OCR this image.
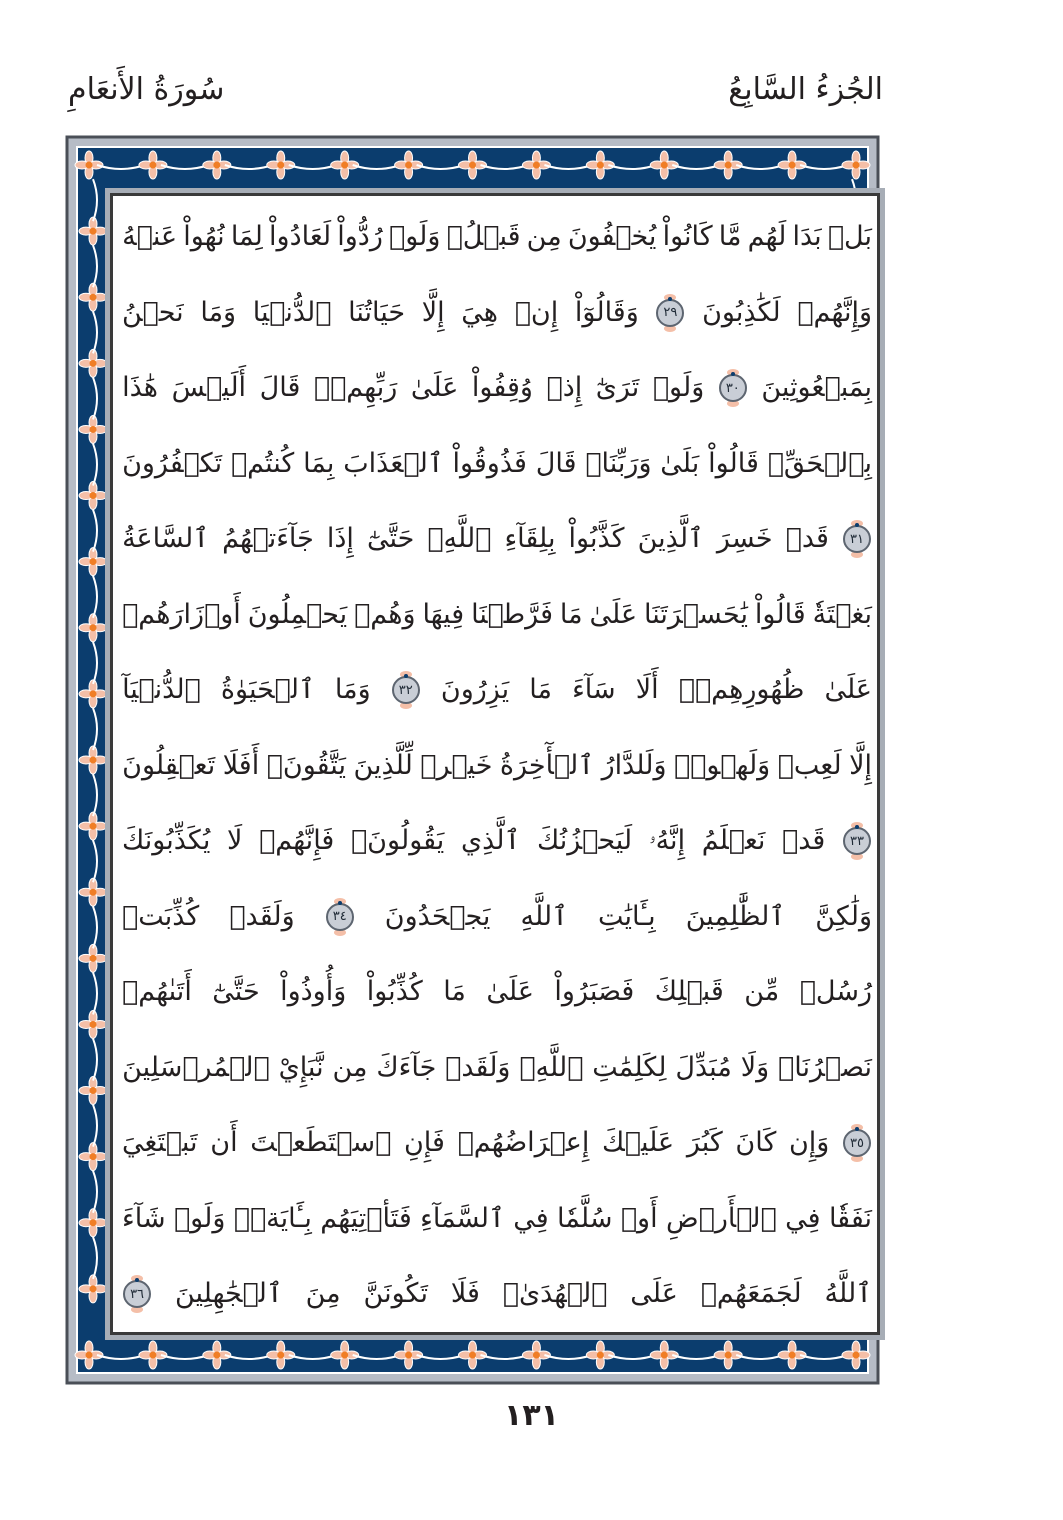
سُورَةُ الأَنعَامِ	الجُزءُ السَّابِعُ
بَلۡ
بَدَا
لَهُم
مَّا
كَانُواْ
يُخۡفُونَ
مِن
قَبۡلُۖ
وَلَوۡ
رُدُّواْ
لَعَادُواْ
لِمَا
نُهُواْ
عَنۡهُ
وَإِنَّهُمۡ
لَكَٰذِبُونَ
٢٩
وَقَالُوٓاْ
إِنۡ
هِيَ
إِلَّا
حَيَاتُنَا
ٱلدُّنۡيَا
وَمَا
نَحۡنُ
بِمَبۡعُوثِينَ
٣٠
وَلَوۡ
تَرَىٰٓ
إِذۡ
وُقِفُواْ
عَلَىٰ
رَبِّهِمۡۚ
قَالَ
أَلَيۡسَ
هَٰذَا
بِٱلۡحَقِّۚ
قَالُواْ
بَلَىٰ
وَرَبِّنَاۚ
قَالَ
فَذُوقُواْ
ٱلۡعَذَابَ
بِمَا
كُنتُمۡ
تَكۡفُرُونَ
٣١
قَدۡ
خَسِرَ
ٱلَّذِينَ
كَذَّبُواْ
بِلِقَآءِ
ٱللَّهِۖ
حَتَّىٰٓ
إِذَا
جَآءَتۡهُمُ
ٱلسَّاعَةُ
بَغۡتَةٗ
قَالُواْ
يَٰحَسۡرَتَنَا
عَلَىٰ
مَا
فَرَّطۡنَا
فِيهَا
وَهُمۡ
يَحۡمِلُونَ
أَوۡزَارَهُمۡ
عَلَىٰ
ظُهُورِهِمۡۚ
أَلَا
سَآءَ
مَا
يَزِرُونَ
٣٢
وَمَا
ٱلۡحَيَوٰةُ
ٱلدُّنۡيَآ
إِلَّا
لَعِبٞ
وَلَهۡوٞۖ
وَلَلدَّارُ
ٱلۡأٓخِرَةُ
خَيۡرٞ
لِّلَّذِينَ
يَتَّقُونَۚ
أَفَلَا
تَعۡقِلُونَ
٣٣
قَدۡ
نَعۡلَمُ
إِنَّهُۥ
لَيَحۡزُنُكَ
ٱلَّذِي
يَقُولُونَۖ
فَإِنَّهُمۡ
لَا
يُكَذِّبُونَكَ
وَلَٰكِنَّ
ٱلظَّٰلِمِينَ
بِـَٔايَٰتِ
ٱللَّهِ
يَجۡحَدُونَ
٣٤
وَلَقَدۡ
كُذِّبَتۡ
رُسُلٞ
مِّن
قَبۡلِكَ
فَصَبَرُواْ
عَلَىٰ
مَا
كُذِّبُواْ
وَأُوذُواْ
حَتَّىٰٓ
أَتَىٰهُمۡ
نَصۡرُنَاۚ
وَلَا
مُبَدِّلَ
لِكَلِمَٰتِ
ٱللَّهِۚ
وَلَقَدۡ
جَآءَكَ
مِن
نَّبَإِيْ
ٱلۡمُرۡسَلِينَ
٣٥
وَإِن
كَانَ
كَبُرَ
عَلَيۡكَ
إِعۡرَاضُهُمۡ
فَإِنِ
ٱسۡتَطَعۡتَ
أَن
تَبۡتَغِيَ
نَفَقٗا
فِي
ٱلۡأَرۡضِ
أَوۡ
سُلَّمٗا
فِي
ٱلسَّمَآءِ
فَتَأۡتِيَهُم
بِـَٔايَةٖۚ
وَلَوۡ
شَآءَ
ٱللَّهُ
لَجَمَعَهُمۡ
عَلَى
ٱلۡهُدَىٰۚ
فَلَا
تَكُونَنَّ
مِنَ
ٱلۡجَٰهِلِينَ
٣٦
١٣١
